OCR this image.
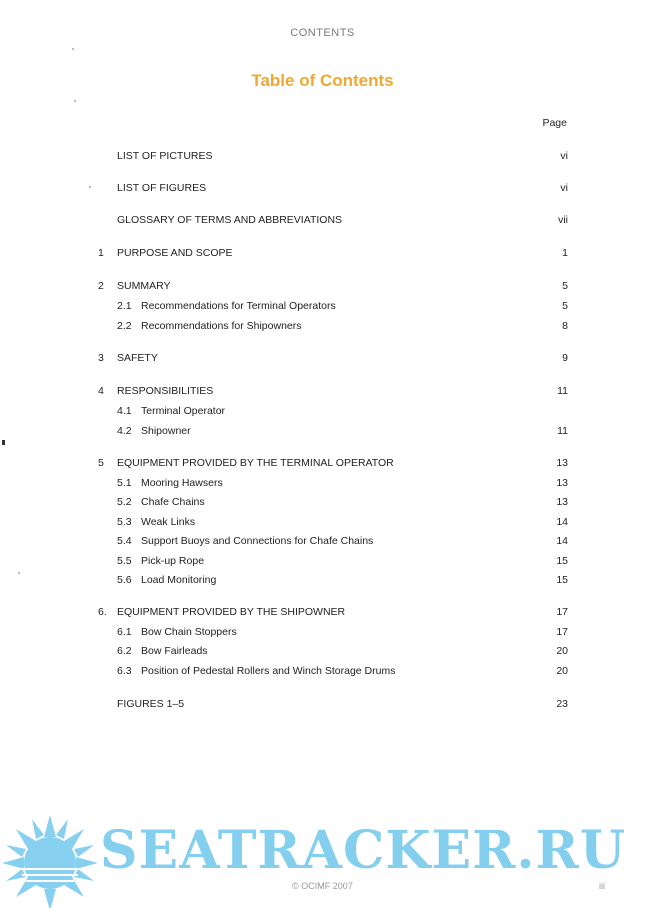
CONTENTS
Table of Contents
Page
LIST OF PICTURES	vi
LIST OF FIGURES	vi
GLOSSARY OF TERMS AND ABBREVIATIONS	vii
1 PURPOSE AND SCOPE	1
2 SUMMARY	5
2.1 Recommendations for Terminal Operators	5
2.2 Recommendations for Shipowners	8
3 SAFETY	9
4 RESPONSIBILITIES	11
4.1 Terminal Operator
4.2 Shipowner	11
5 EQUIPMENT PROVIDED BY THE TERMINAL OPERATOR	13
5.1 Mooring Hawsers	13
5.2 Chafe Chains	13
5.3 Weak Links	14
5.4 Support Buoys and Connections for Chafe Chains	14
5.5 Pick-up Rope	15
5.6 Load Monitoring	15
6. EQUIPMENT PROVIDED BY THE SHIPOWNER	17
6.1 Bow Chain Stoppers	17
6.2 Bow Fairleads	20
6.3 Position of Pedestal Rollers and Winch Storage Drums	20
FIGURES 1–5	23
SEATRACKER.RU
© OCIMF 2007	iii
